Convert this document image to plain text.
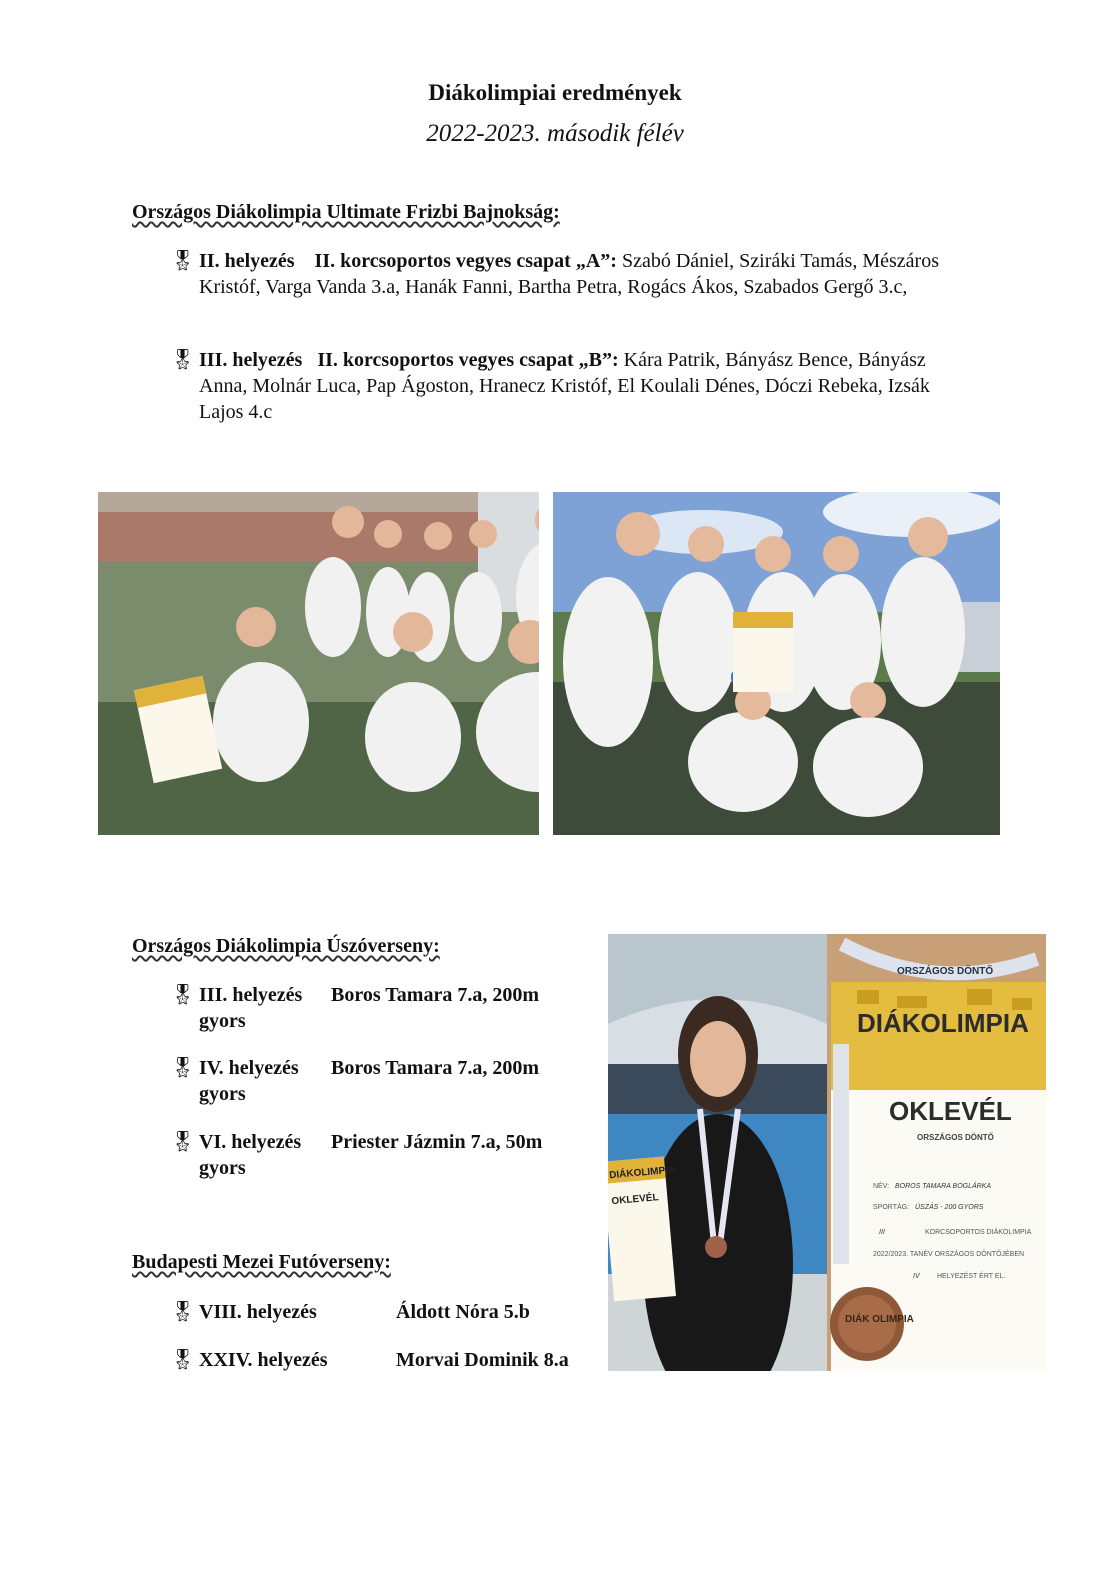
Diákolimpiai eredmények
2022-2023. második félév
Országos Diákolimpia Ultimate Frizbi Bajnokság:
🎖 II. helyezés II. korcsoportos vegyes csapat „A”: Szabó Dániel, Sziráki Tamás, Mészáros Kristóf, Varga Vanda 3.a, Hanák Fanni, Bartha Petra, Rogács Ákos, Szabados Gergő 3.c,
🎖 III. helyezés II. korcsoportos vegyes csapat „B”: Kára Patrik, Bányász Bence, Bányász Anna, Molnár Luca, Pap Ágoston, Hranecz Kristóf, El Koulali Dénes, Dóczi Rebeka, Izsák Lajos 4.c
Országos Diákolimpia Úszóverseny:
🎖 III. helyezés	Boros Tamara 7.a, 200m
gyors
🎖 IV. helyezés	Boros Tamara 7.a, 200m
gyors
🎖 VI. helyezés	Priester Jázmin 7.a, 50m
gyors
Budapesti Mezei Futóverseny:
🎖 VIII. helyezés	Áldott Nóra 5.b
🎖 XXIV. helyezés	Morvai Dominik 8.a
DIÁKOLIMPIA
OKLEVÉL
ORSZÁGOS DÖNTŐ
DIÁKOLIMPIA
OKLEVÉL
ORSZÁGOS DÖNTŐ
NÉV: BOROS TAMARA BOGLÁRKA
SPORTÁG: ÚSZÁS - 200 GYORS
III	KORCSOPORTOS DIÁKOLIMPIA
2022/2023. TANÉV ORSZÁGOS DÖNTŐJÉBEN
IV HELYEZÉST ÉRT EL.
DIÁK OLIMPIA
